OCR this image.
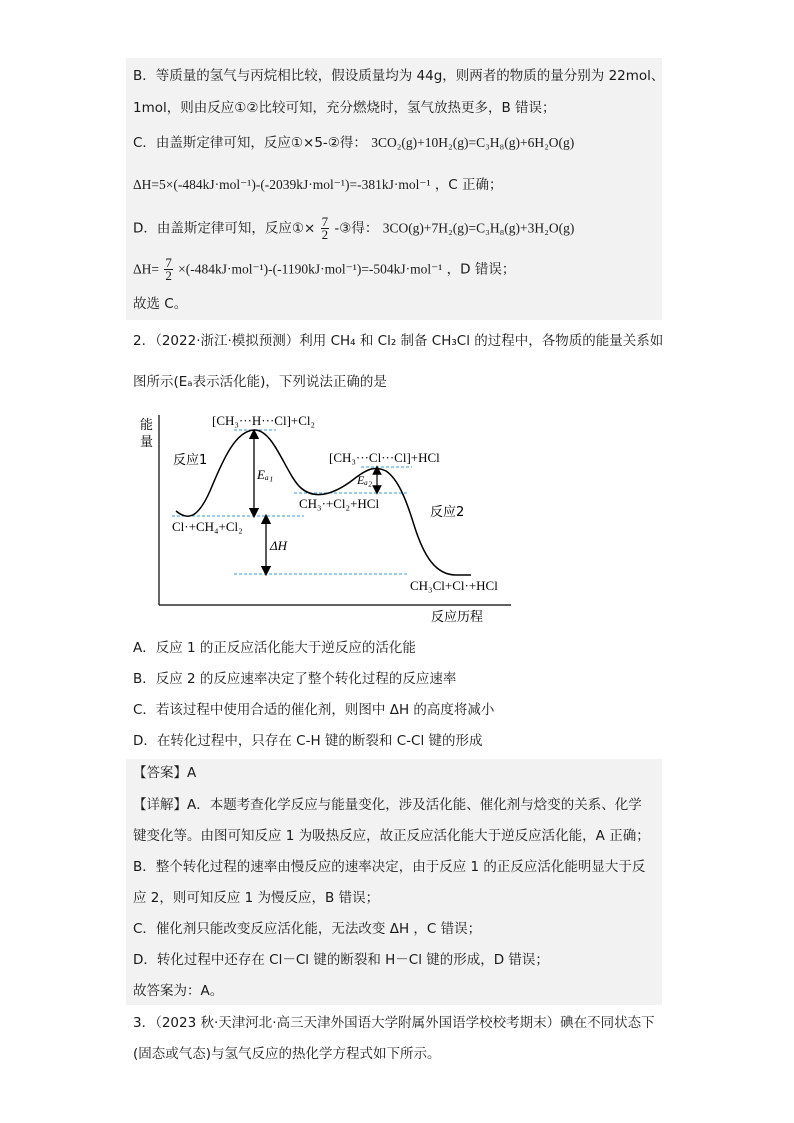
B．等质量的氢气与丙烷相比较，假设质量均为 44g，则两者的物质的量分别为 22mol、
1mol，则由反应①②比较可知，充分燃烧时，氢气放热更多，B 错误；
C．由盖斯定律可知，反应①×5-②得： 3CO₂(g)+10H₂(g)=C₃H₈(g)+6H₂O(g)
ΔH=5×(-484kJ·mol⁻¹)-(-2039kJ·mol⁻¹)=-381kJ·mol⁻¹ ，C 正确；
D．由盖斯定律可知，反应①× $\frac{7}{2}$ -③得： 3CO(g)+7H₂(g)=C₃H₈(g)+3H₂O(g)
$\Delta H= \frac{7}{2} \times(-484kJ\cdot mol^{-1})-(-1190kJ\cdot mol^{-1})=-504kJ\cdot mol^{-1}$ ，D 错误；
故选 C。
2．（2022·浙江·模拟预测）利用 CH₄ 和 Cl₂ 制备 CH₃Cl 的过程中，各物质的能量关系如
图所示(Eₐ表示活化能)，下列说法正确的是
能量
反应历程
[CH₃···H···Cl]+Cl₂
[CH₃···Cl···Cl]+HCl
反应1
反应2
Cl·+CH₄+Cl₂
CH₃·+Cl₂+HCl
CH₃Cl+Cl·+HCl
Eₐ₁	Eₐ₂
ΔH
A．反应 1 的正反应活化能大于逆反应的活化能
B．反应 2 的反应速率决定了整个转化过程的反应速率
C．若该过程中使用合适的催化剂，则图中 ΔH 的高度将减小
D．在转化过程中，只存在 C-H 键的断裂和 C-Cl 键的形成
【答案】A
【详解】A．本题考查化学反应与能量变化，涉及活化能、催化剂与焓变的关系、化学
键变化等。由图可知反应 1 为吸热反应，故正反应活化能大于逆反应活化能，A 正确；
B．整个转化过程的速率由慢反应的速率决定，由于反应 1 的正反应活化能明显大于反
应 2，则可知反应 1 为慢反应，B 错误；
C．催化剂只能改变反应活化能，无法改变 ΔH ，C 错误；
D．转化过程中还存在 Cl－Cl 键的断裂和 H－Cl 键的形成，D 错误；
故答案为：A。
3．（2023 秋·天津河北·高三天津外国语大学附属外国语学校校考期末）碘在不同状态下
(固态或气态)与氢气反应的热化学方程式如下所示。
